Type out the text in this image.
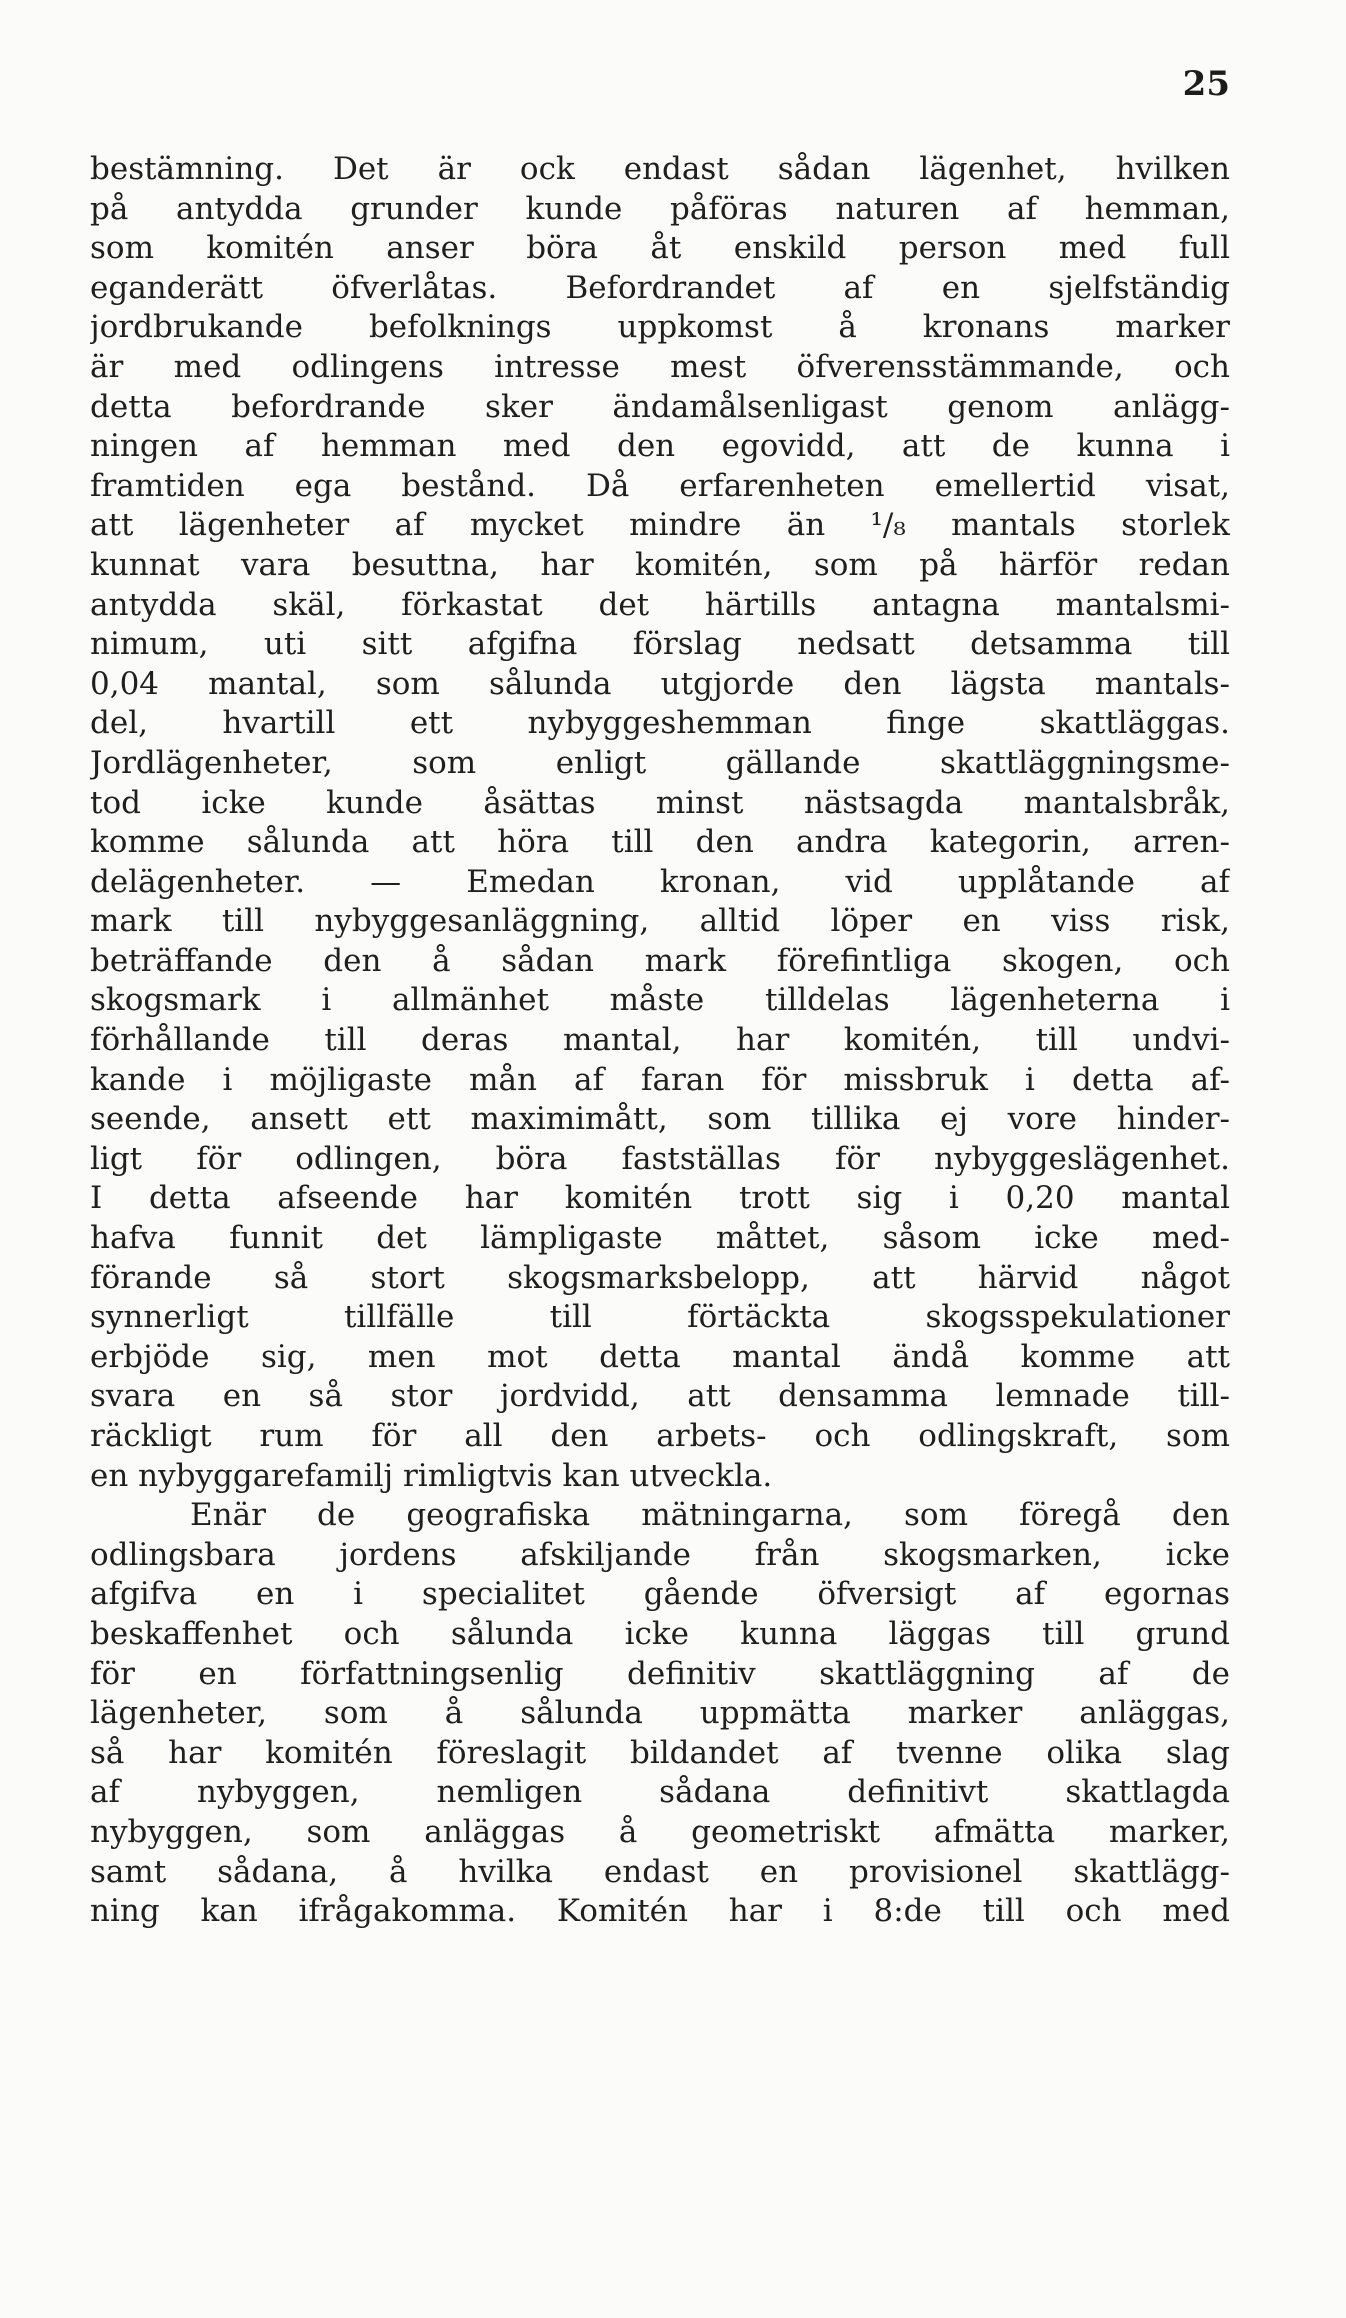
25
bestämning. Det är ock endast sådan lägenhet, hvilken
på antydda grunder kunde påföras naturen af hemman,
som komitén anser böra åt enskild person med full
eganderätt öfverlåtas. Befordrandet af en sjelfständig
jordbrukande befolknings uppkomst å kronans marker
är med odlingens intresse mest öfverensstämmande, och
detta befordrande sker ändamålsenligast genom anlägg-
ningen af hemman med den egovidd, att de kunna i
framtiden ega bestånd. Då erfarenheten emellertid visat,
att lägenheter af mycket mindre än ¹/₈ mantals storlek
kunnat vara besuttna, har komitén, som på härför redan
antydda skäl, förkastat det härtills antagna mantalsmi-
nimum, uti sitt afgifna förslag nedsatt detsamma till
0,04 mantal, som sålunda utgjorde den lägsta mantals-
del, hvartill ett nybyggeshemman finge skattläggas.
Jordlägenheter, som enligt gällande skattläggningsme-
tod icke kunde åsättas minst nästsagda mantalsbråk,
komme sålunda att höra till den andra kategorin, arren-
delägenheter. — Emedan kronan, vid upplåtande af
mark till nybyggesanläggning, alltid löper en viss risk,
beträffande den å sådan mark förefintliga skogen, och
skogsmark i allmänhet måste tilldelas lägenheterna i
förhållande till deras mantal, har komitén, till undvi-
kande i möjligaste mån af faran för missbruk i detta af-
seende, ansett ett maximimått, som tillika ej vore hinder-
ligt för odlingen, böra fastställas för nybyggeslägenhet.
I detta afseende har komitén trott sig i 0,20 mantal
hafva funnit det lämpligaste måttet, såsom icke med-
förande så stort skogsmarksbelopp, att härvid något
synnerligt tillfälle till förtäckta skogsspekulationer
erbjöde sig, men mot detta mantal ändå komme att
svara en så stor jordvidd, att densamma lemnade till-
räckligt rum för all den arbets- och odlingskraft, som
en nybyggarefamilj rimligtvis kan utveckla.
Enär de geografiska mätningarna, som föregå den
odlingsbara jordens afskiljande från skogsmarken, icke
afgifva en i specialitet gående öfversigt af egornas
beskaffenhet och sålunda icke kunna läggas till grund
för en författningsenlig definitiv skattläggning af de
lägenheter, som å sålunda uppmätta marker anläggas,
så har komitén föreslagit bildandet af tvenne olika slag
af nybyggen, nemligen sådana definitivt skattlagda
nybyggen, som anläggas å geometriskt afmätta marker,
samt sådana, å hvilka endast en provisionel skattlägg-
ning kan ifrågakomma. Komitén har i 8:de till och med
